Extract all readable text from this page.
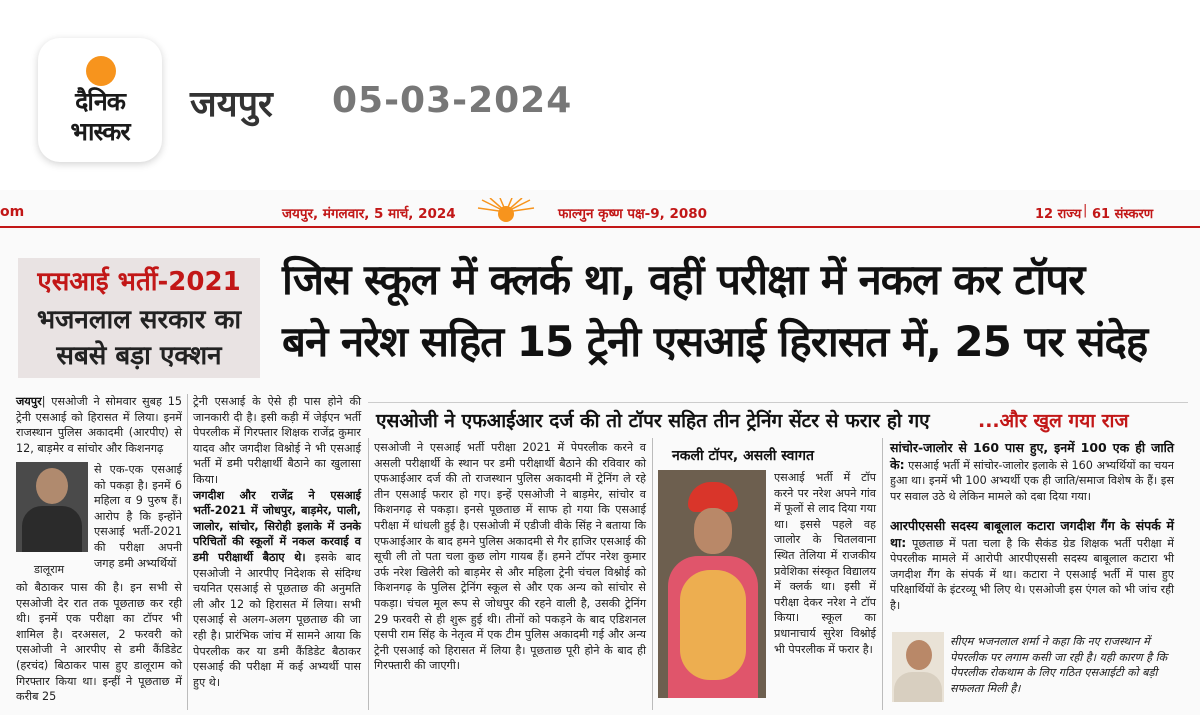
दैनिक
भास्कर
जयपुर 05-03-2024
om	जयपुर, मंगलवार, 5 मार्च, 2024	फाल्गुन कृष्ण पक्ष-9, 2080	12 राज्य | 61 संस्करण
एसआई भर्ती-2021
भजनलाल सरकार का
सबसे बड़ा एक्शन
जिस स्कूल में क्लर्क था, वहीं परीक्षा में नकल कर टॉपर
बने नरेश सहित 15 ट्रेनी एसआई हिरासत में, 25 पर संदेह
एसओजी ने एफआईआर दर्ज की तो टॉपर सहित तीन ट्रेनिंग सेंटर से फरार हो गए	...और खुल गया राज
जयपुर| एसओजी ने सोमवार सुबह 15 ट्रेनी एसआई को हिरासत में लिया। इनमें राजस्थान पुलिस अकादमी (आरपीए) से 12, बाड़मेर व सांचोर और किशनगढ़
डालूराम
से एक-एक एसआई को पकड़ा है। इनमें 6 महिला व 9 पुरुष हैं। आरोप है कि इन्होंने एसआई भर्ती-2021 की परीक्षा अपनी जगह डमी अभ्यर्थियों
को बैठाकर पास की है। इन सभी से एसओजी देर रात तक पूछताछ कर रही थी। इनमें एक परीक्षा का टॉपर भी शामिल है। दरअसल, 2 फरवरी को एसओजी ने आरपीए से डमी कैंडिडेट (हरचंद) बिठाकर पास हुए डालूराम को गिरफ्तार किया था। इन्हीं ने पूछताछ में करीब 25
ट्रेनी एसआई के ऐसे ही पास होने की जानकारी दी है। इसी कड़ी में जेईएन भर्ती पेपरलीक में गिरफ्तार शिक्षक राजेंद्र कुमार यादव और जगदीश विश्नोई ने भी एसआई भर्ती में डमी परीक्षार्थी बैठाने का खुलासा किया।
जगदीश और राजेंद्र ने एसआई भर्ती-2021 में जोधपुर, बाड़मेर, पाली, जालोर, सांचोर, सिरोही इलाके में उनके परिचितों की स्कूलों में नकल करवाई व डमी परीक्षार्थी बैठाए थे। इसके बाद एसओजी ने आरपीए निदेशक से संदिग्ध चयनित एसआई से पूछताछ की अनुमति ली और 12 को हिरासत में लिया। सभी एसआई से अलग-अलग पूछताछ की जा रही है। प्रारंभिक जांच में सामने आया कि पेपरलीक कर या डमी कैंडिडेट बैठाकर एसआई की परीक्षा में कई अभ्यर्थी पास हुए थे।
एसओजी ने एसआई भर्ती परीक्षा 2021 में पेपरलीक करने व असली परीक्षार्थी के स्थान पर डमी परीक्षार्थी बैठाने की रविवार को एफआईआर दर्ज की तो राजस्थान पुलिस अकादमी में ट्रेनिंग ले रहे तीन एसआई फरार हो गए। इन्हें एसओजी ने बाड़मेर, सांचोर व किशनगढ़ से पकड़ा। इनसे पूछताछ में साफ हो गया कि एसआई परीक्षा में धांधली हुई है। एसओजी में एडीजी वीके सिंह ने बताया कि एफआईआर के बाद हमने पुलिस अकादमी से गैर हाजिर एसआई की सूची ली तो पता चला कुछ लोग गायब हैं। हमने टॉपर नरेश कुमार उर्फ नरेश खिलेरी को बाड़मेर से और महिला ट्रेनी चंचल विश्नोई को किशनगढ़ के पुलिस ट्रेनिंग स्कूल से और एक अन्य को सांचोर से पकड़ा। चंचल मूल रूप से जोधपुर की रहने वाली है, उसकी ट्रेनिंग 29 फरवरी से ही शुरू हुई थी। तीनों को पकड़ने के बाद एडिशनल एसपी राम सिंह के नेतृत्व में एक टीम पुलिस अकादमी गई और अन्य ट्रेनी एसआई को हिरासत में लिया है। पूछताछ पूरी होने के बाद ही गिरफ्तारी की जाएगी।
नकली टॉपर, असली स्वागत
एसआई भर्ती में टॉप करने पर नरेश अपने गांव में फूलों से लाद दिया गया था। इससे पहले वह जालोर के चितलवाना स्थित तेलिया में राजकीय प्रवेशिका संस्कृत विद्यालय में क्लर्क था। इसी में परीक्षा देकर नरेश ने टॉप किया। स्कूल का प्रधानाचार्य सुरेश विश्नोई भी पेपरलीक में फरार है।
सांचोर-जालोर से 160 पास हुए, इनमें 100 एक ही जाति के: एसआई भर्ती में सांचोर-जालोर इलाके से 160 अभ्यर्थियों का चयन हुआ था। इनमें भी 100 अभ्यर्थी एक ही जाति/समाज विशेष के हैं। इस पर सवाल उठे थे लेकिन मामले को दबा दिया गया।
आरपीएससी सदस्य बाबूलाल कटारा जगदीश गैंग के संपर्क में था: पूछताछ में पता चला है कि सैकंड ग्रेड शिक्षक भर्ती परीक्षा में पेपरलीक मामले में आरोपी आरपीएससी सदस्य बाबूलाल कटारा भी जगदीश गैंग के संपर्क में था। कटारा ने एसआई भर्ती में पास हुए परिक्षार्थियों के इंटरव्यू भी लिए थे। एसओजी इस एंगल को भी जांच रही है।
सीएम भजनलाल शर्मा ने कहा कि नए राजस्थान में पेपरलीक पर लगाम कसी जा रही है। यही कारण है कि पेपरलीक रोकथाम के लिए गठित एसआईटी को बड़ी सफलता मिली है।
